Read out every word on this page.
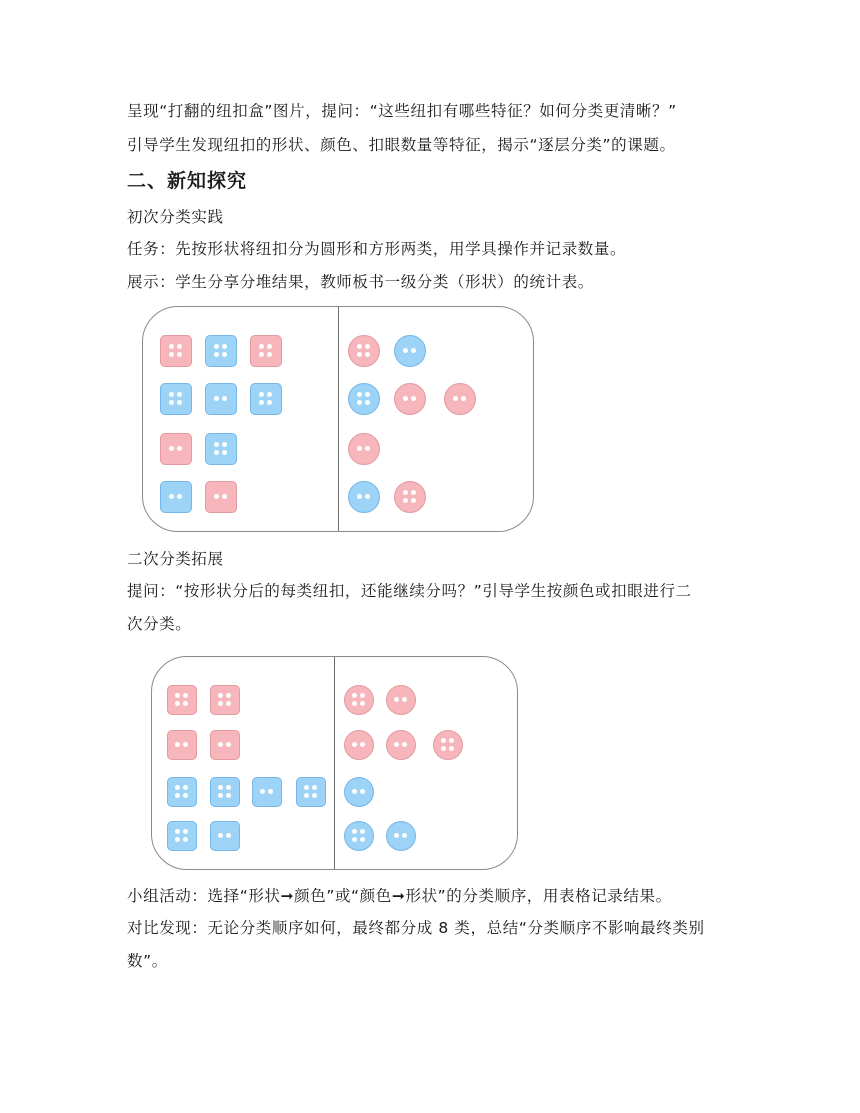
呈现“打翻的纽扣盒”图片，提问：“这些纽扣有哪些特征？如何分类更清晰？”
引导学生发现纽扣的形状、颜色、扣眼数量等特征，揭示“逐层分类”的课题。
二、新知探究
初次分类实践
任务：先按形状将纽扣分为圆形和方形两类，用学具操作并记录数量。
展示：学生分享分堆结果，教师板书一级分类（形状）的统计表。
二次分类拓展
提问：“按形状分后的每类纽扣，还能继续分吗？”引导学生按颜色或扣眼进行二
次分类。
小组活动：选择“形状➞颜色”或“颜色➞形状”的分类顺序，用表格记录结果。
对比发现：无论分类顺序如何，最终都分成 8 类，总结“分类顺序不影响最终类别
数”。
